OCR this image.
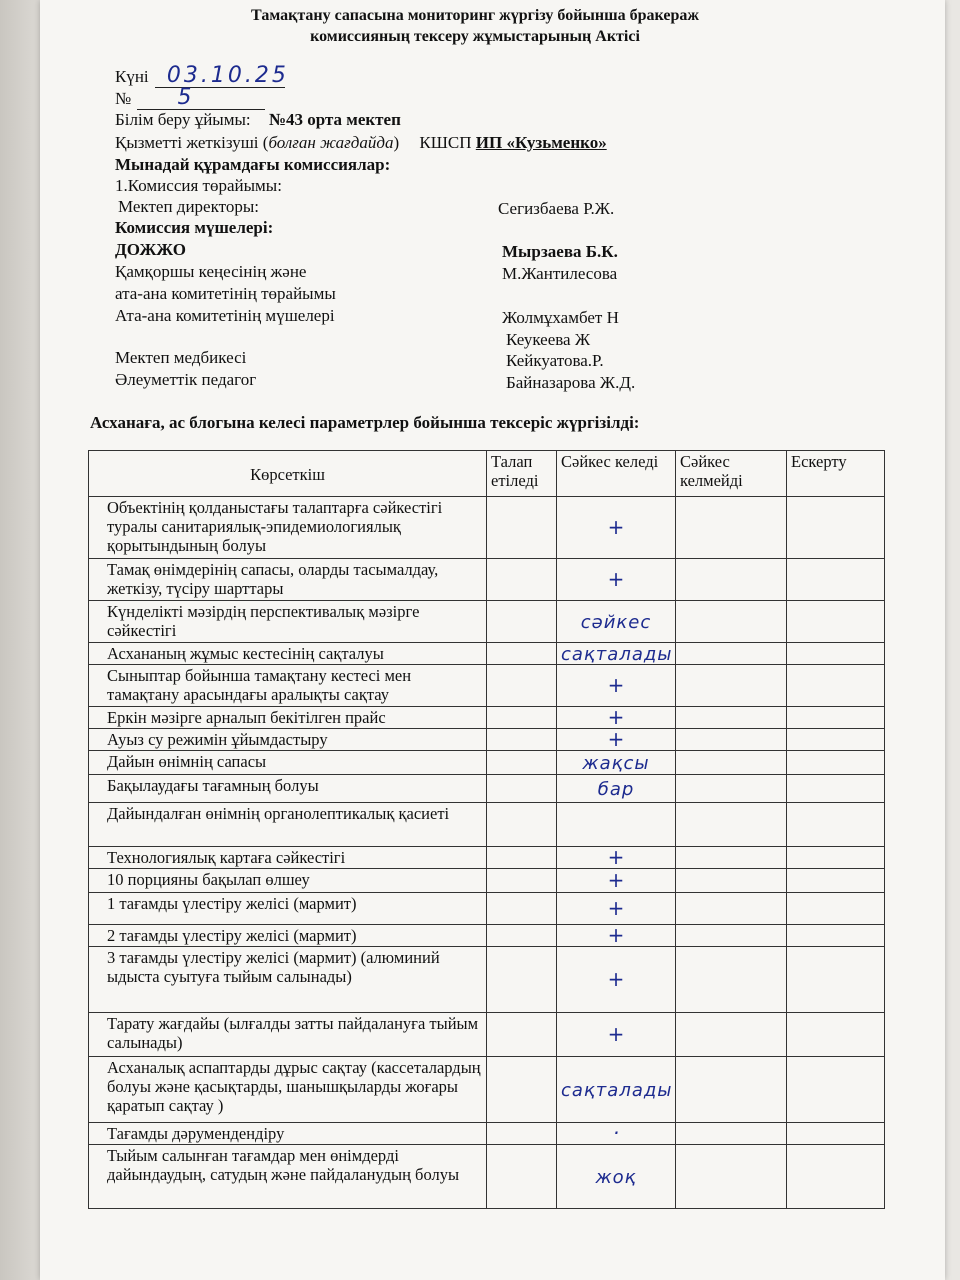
Тамақтану сапасына мониторинг жүргізу бойынша бракераж
комиссияның тексеру жұмыстарының Актісі
Күні 03.10.25
№ 5
Білім беру ұйымы: №43 орта мектеп
Қызметті жеткізуші (болған жағдайда) КШСП ИП «Кузьменко»
Мынадай құрамдағы комиссиялар:
1.Комиссия төрайымы:
Мектеп директоры:	Сегизбаева Р.Ж.
Комиссия мүшелері:
ДОЖЖО	Мырзаева Б.К.
Қамқоршы кеңесінің және	М.Жантилесова
ата-ана комитетінің төрайымы
Ата-ана комитетінің мүшелері	Жолмұхамбет Н
Кеукеева Ж
Мектеп медбикесі	Кейкуатова.Р.
Әлеуметтік педагог	Байназарова Ж.Д.
Асханаға, ас блогына келесі параметрлер бойынша тексеріс жүргізілді:
Көрсеткіш	Талап етіледі	Сәйкес келеді	Сәйкес келмейді	Ескерту
Объектінің қолданыстағы талаптарға сәйкестігі туралы санитариялық-эпидемиологиялық қорытындының болуы		+		
Тамақ өнімдерінің сапасы, оларды тасымалдау, жеткізу, түсіру шарттары		+		
Күнделікті мәзірдің перспективалық мәзірге сәйкестігі		сәйкес		
Асхананың жұмыс кестесінің сақталуы		сақталады		
Сыныптар бойынша тамақтану кестесі мен тамақтану арасындағы аралықты сақтау		+		
Еркін мәзірге арналып бекітілген прайс		+		
Ауыз су режимін ұйымдастыру		+		
Дайын өнімнің сапасы		жақсы		
Бақылаудағы тағамның болуы		бар		
Дайындалған өнімнің органолептикалық қасиеті				
Технологиялық картаға сәйкестігі		+		
10 порцияны бақылап өлшеу		+		
1 тағамды үлестіру желісі (мармит)		+		
2 тағамды үлестіру желісі (мармит)		+		
3 тағамды үлестіру желісі (мармит) (алюминий ыдыста суытуға тыйым салынады)		+		
Тарату жағдайы (ылғалды затты пайдалануға тыйым салынады)		+		
Асханалық аспаптарды дұрыс сақтау (кассеталардың болуы және қасықтарды, шанышқыларды жоғары қаратып сақтау )		сақталады		
Тағамды дәрумендендіру		·		
Тыйым салынған тағамдар мен өнімдерді дайындаудың, сатудың және пайдаланудың болуы		жоқ		
